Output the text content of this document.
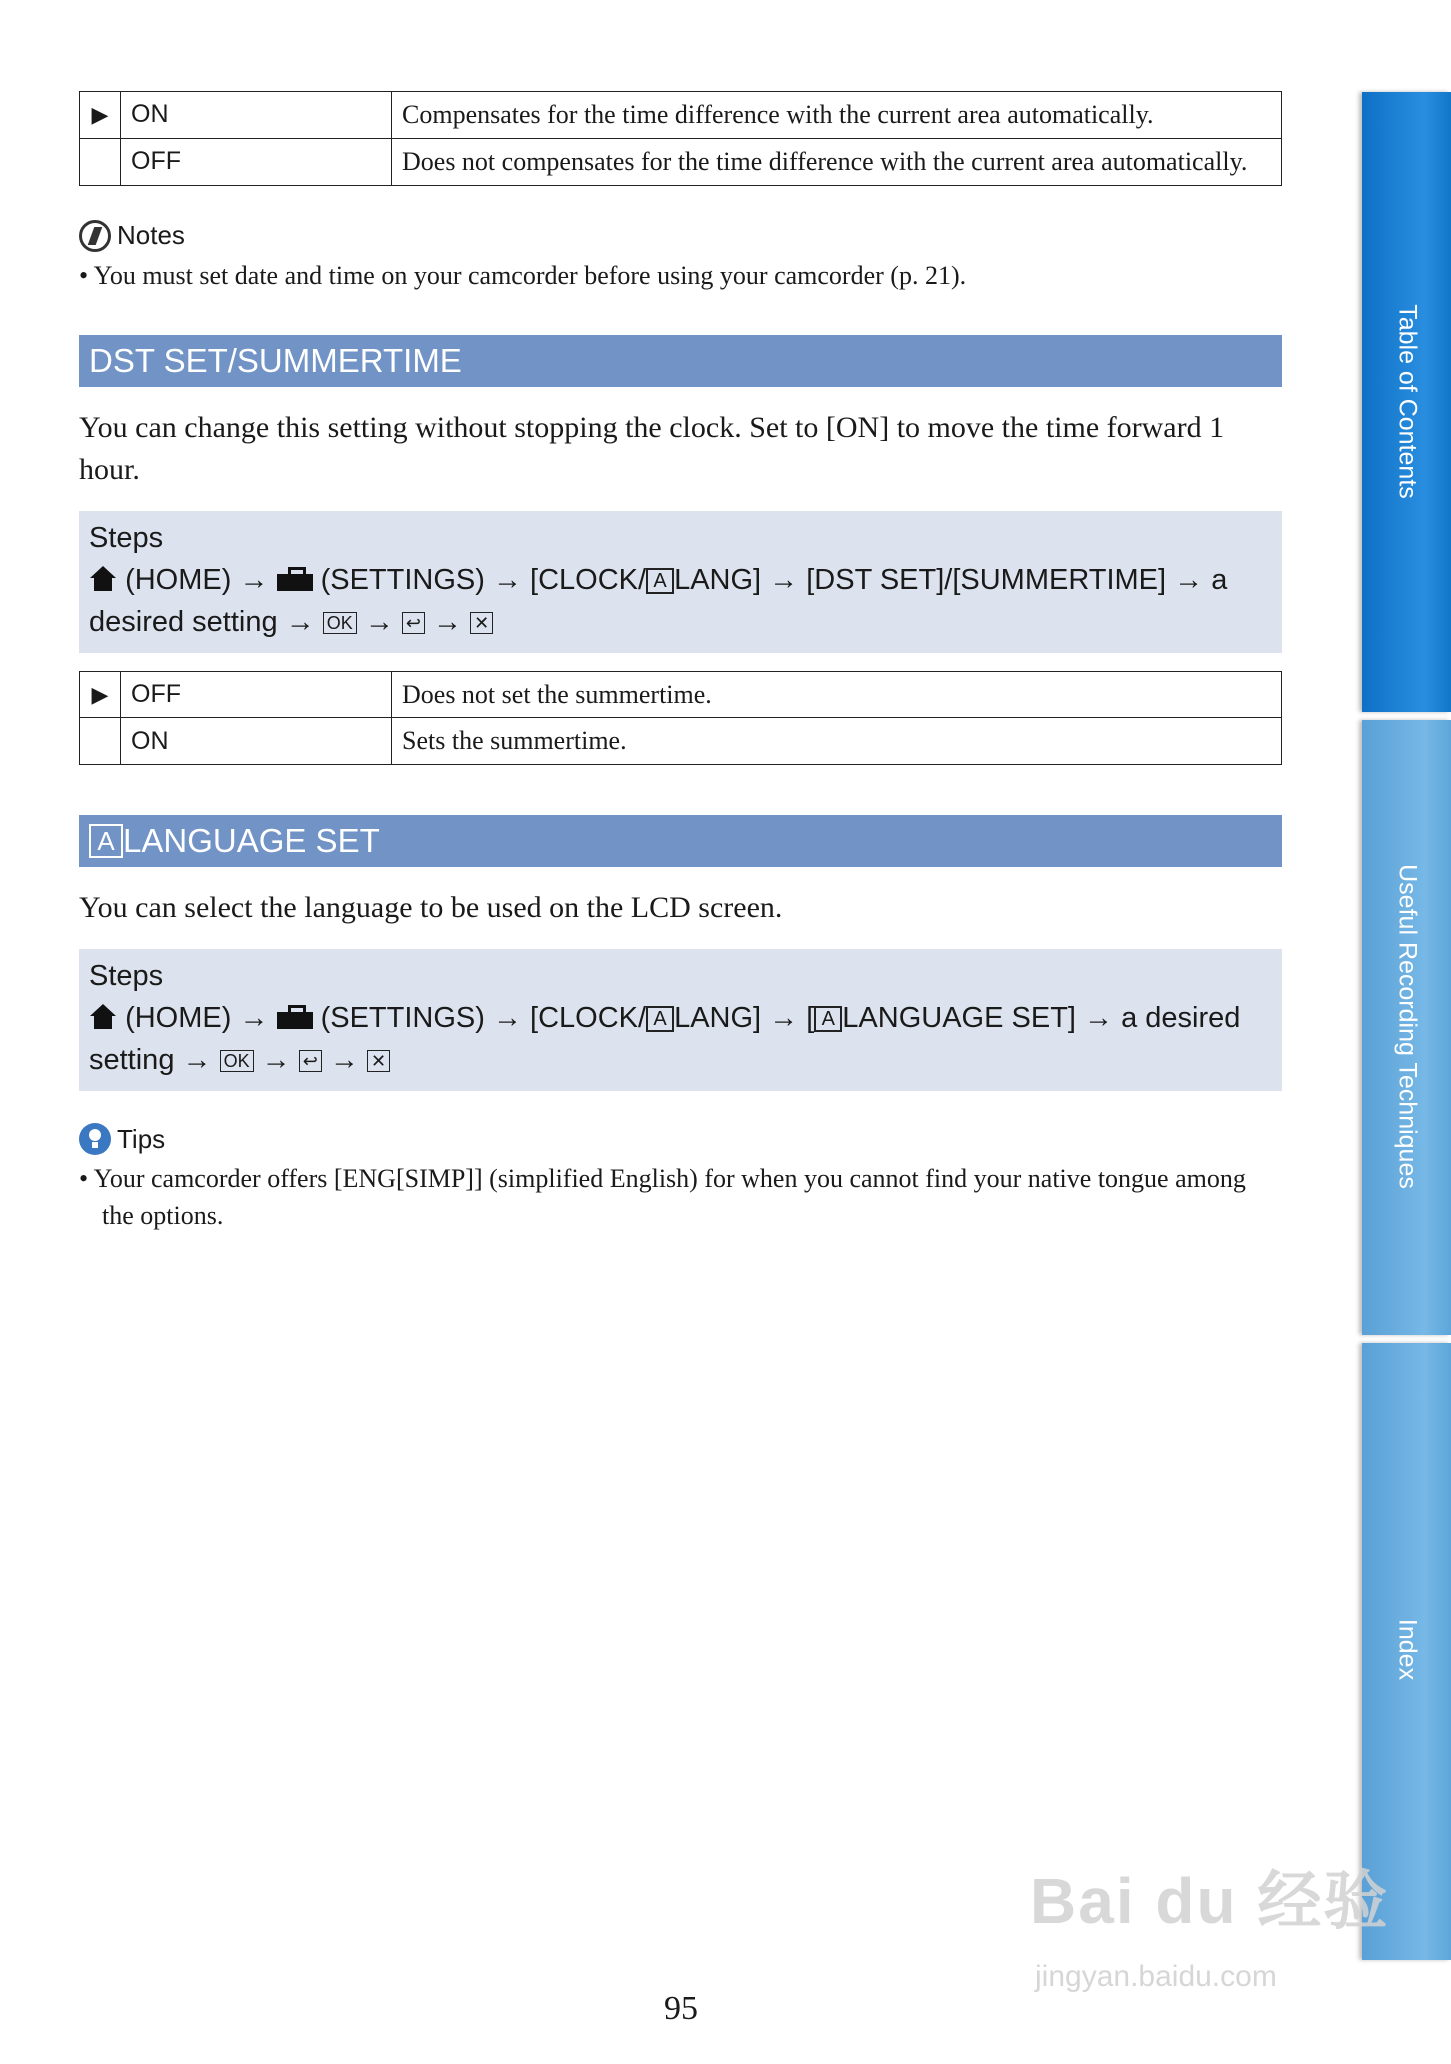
▶	ON	Compensates for the time difference with the current area automatically.
	OFF	Does not compensates for the time difference with the current area automatically.
Notes

• You must set date and time on your camcorder before using your camcorder (p. 21).

DST SET/SUMMERTIME

You can change this setting without stopping the clock. Set to [ON] to move the time forward 1 hour.

Steps
(HOME) → (SETTINGS) → [CLOCK/ A LANG] → [DST SET]/[SUMMERTIME] → a desired setting → OK → ↩ → ✕
▶	OFF	Does not set the summertime.
	ON	Sets the summertime.
A LANGUAGE SET

You can select the language to be used on the LCD screen.

Steps
(HOME) → (SETTINGS) → [CLOCK/ A LANG] → [ A LANGUAGE SET] → a desired setting → OK → ↩ → ✕
Tips

• Your camcorder offers [ENG[SIMP]] (simplified English) for when you cannot find your native tongue among the options.

Table of Contents
Useful Recording Techniques
Index
Bai du 经验
jingyan.baidu.com
95
